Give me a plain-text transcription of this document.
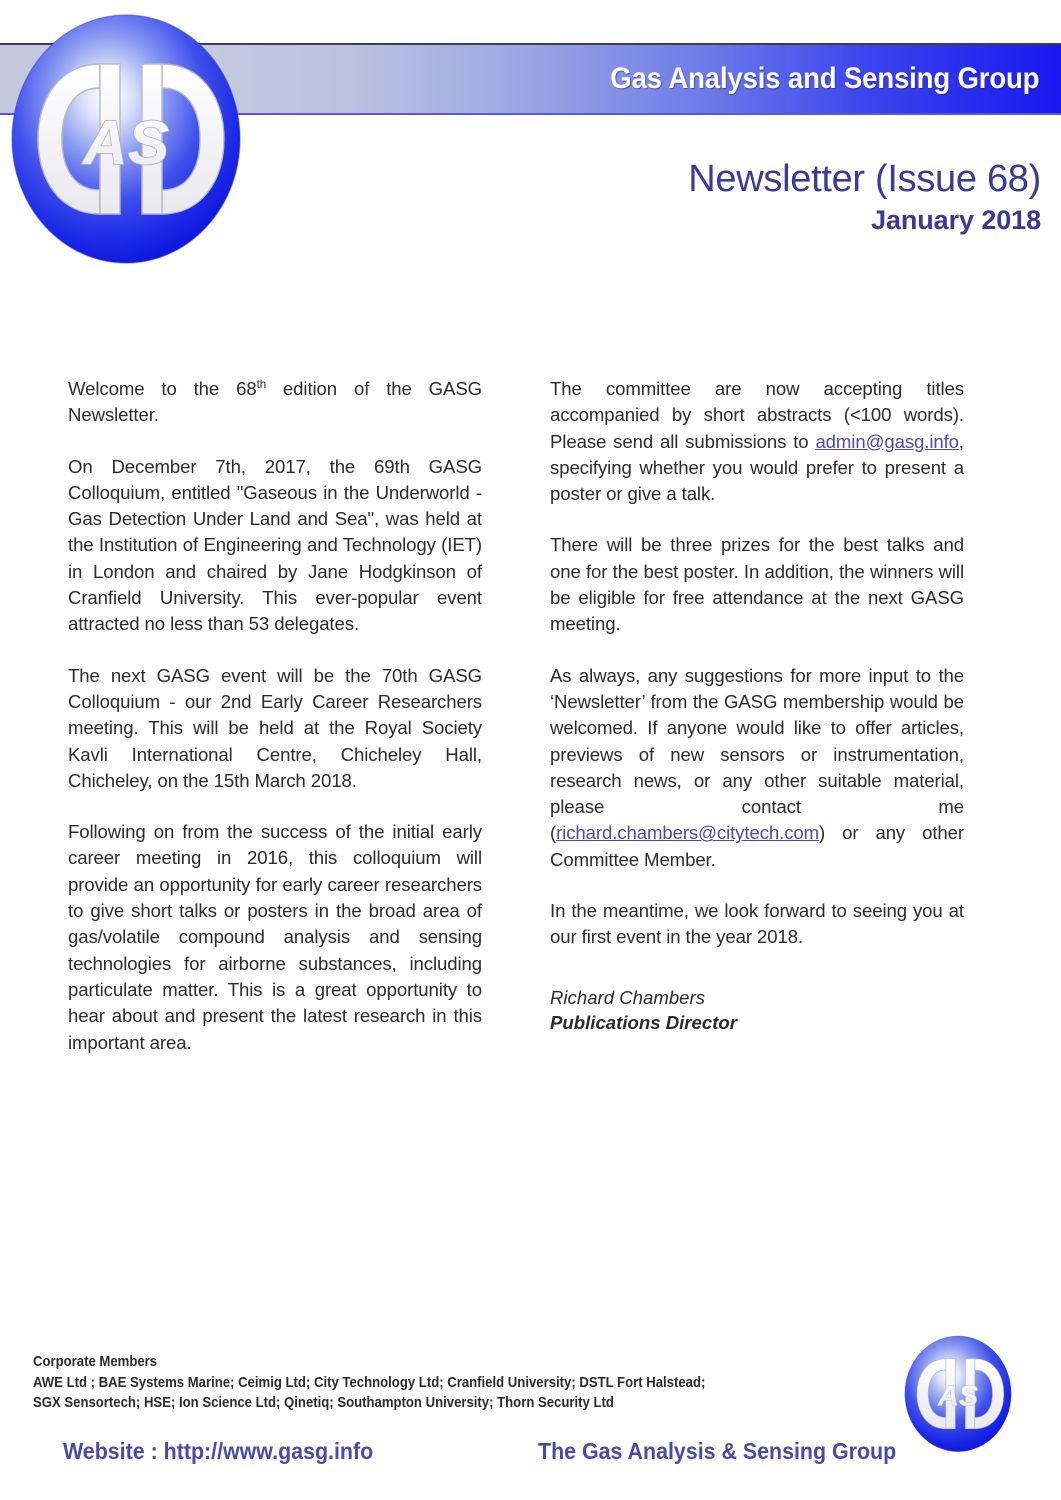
Gas Analysis and Sensing Group
AS
Newsletter (Issue 68)
January 2018

Welcome to the 68th edition of the GASG Newsletter.

On December 7th, 2017, the 69th GASG Colloquium, entitled "Gaseous in the Underworld - Gas Detection Under Land and Sea", was held at the Institution of Engineering and Technology (IET) in London and chaired by Jane Hodgkinson of Cranfield University. This ever-popular event attracted no less than 53 delegates.

The next GASG event will be the 70th GASG Colloquium - our 2nd Early Career Researchers meeting. This will be held at the Royal Society Kavli International Centre, Chicheley Hall, Chicheley, on the 15th March 2018.

Following on from the success of the initial early career meeting in 2016, this colloquium will provide an opportunity for early career researchers to give short talks or posters in the broad area of gas/volatile compound analysis and sensing technologies for airborne substances, including particulate matter. This is a great opportunity to hear about and present the latest research in this important area.

The committee are now accepting titles accompanied by short abstracts (<100 words). Please send all submissions to admin@gasg.info, specifying whether you would prefer to present a poster or give a talk.

There will be three prizes for the best talks and one for the best poster. In addition, the winners will be eligible for free attendance at the next GASG meeting.

As always, any suggestions for more input to the ‘Newsletter’ from the GASG membership would be welcomed. If anyone would like to offer articles, previews of new sensors or instrumentation, research news, or any other suitable material, please contact me (richard.chambers@citytech.com) or any other Committee Member.

In the meantime, we look forward to seeing you at our first event in the year 2018.

Richard Chambers
Publications Director
Corporate Members
AWE Ltd ; BAE Systems Marine; Ceimig Ltd; City Technology Ltd; Cranfield University; DSTL Fort Halstead;
SGX Sensortech; HSE; Ion Science Ltd; Qinetiq; Southampton University; Thorn Security Ltd
Website : http://www.gasg.info	The Gas Analysis & Sensing Group
AS
